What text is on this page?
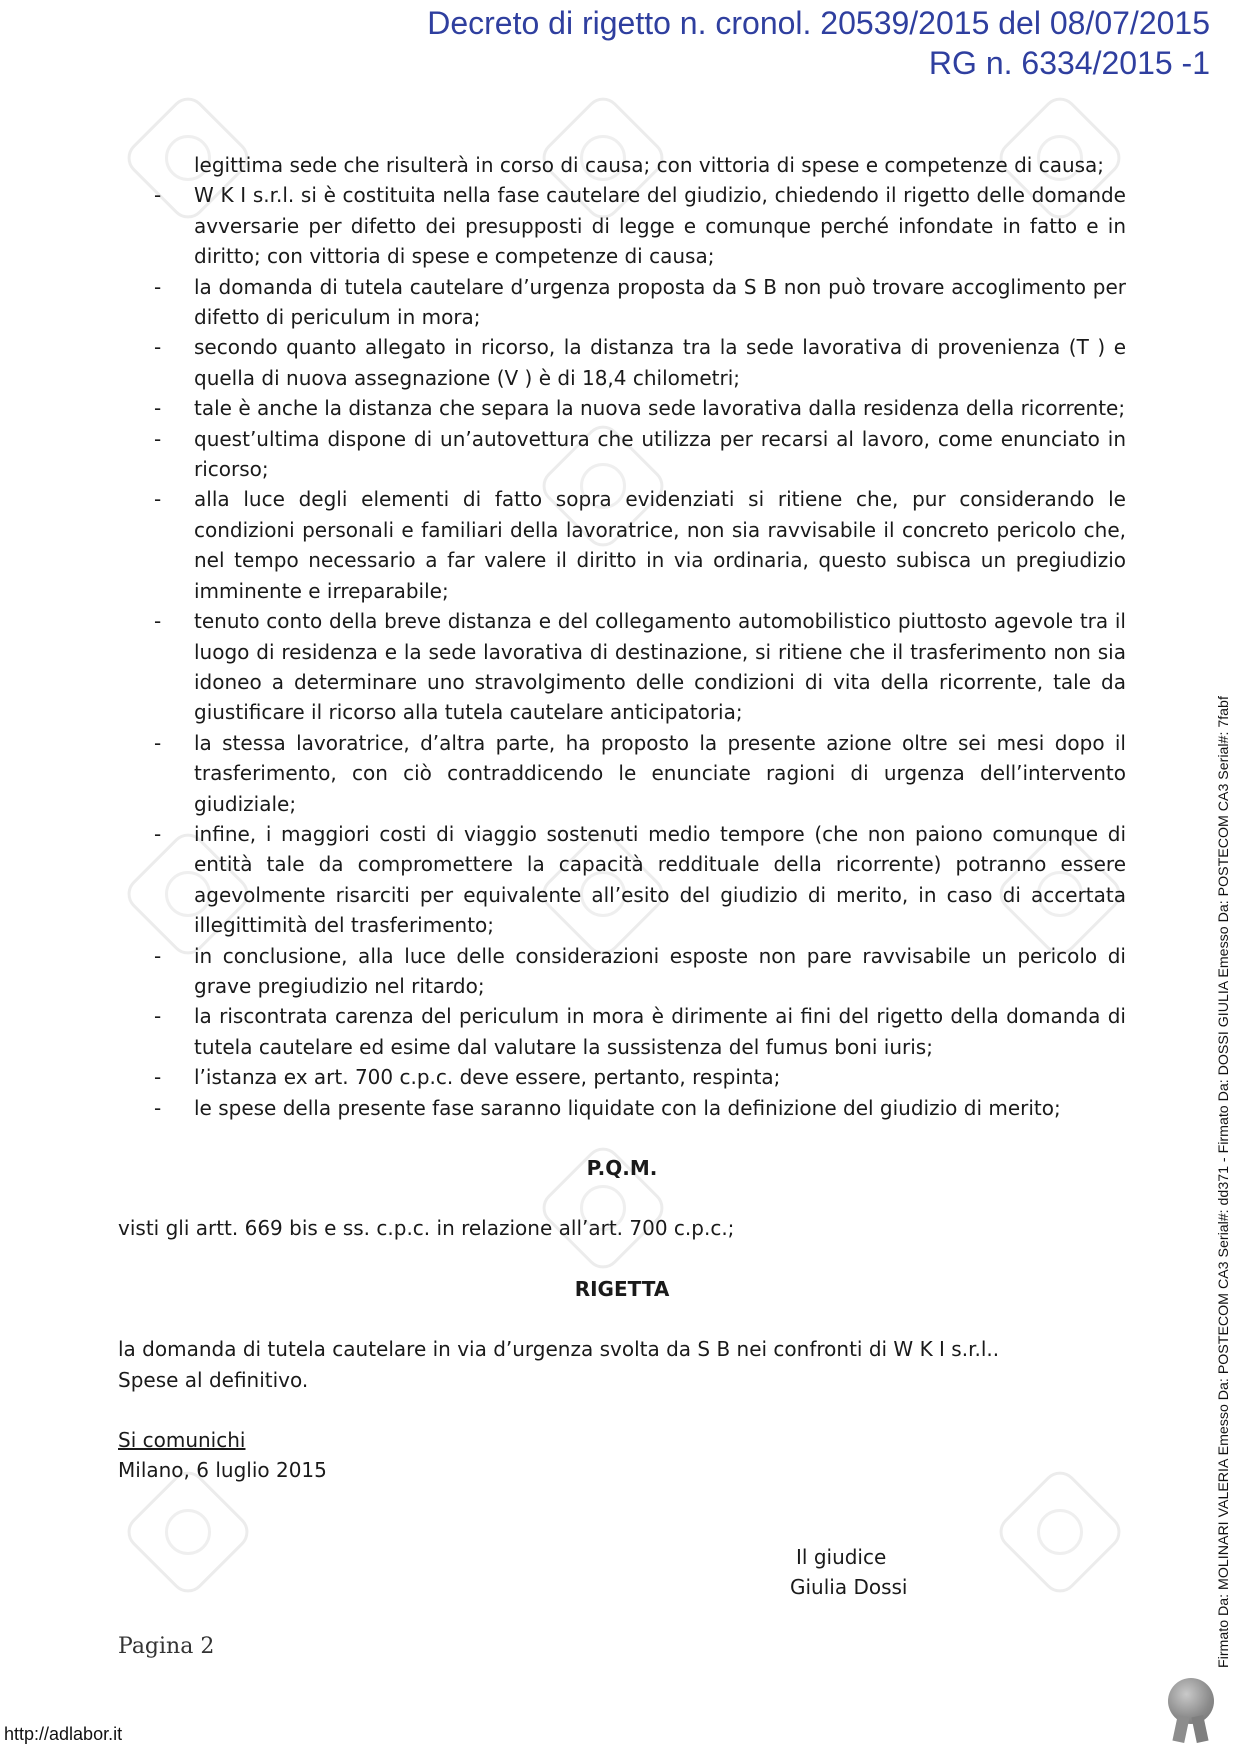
Decreto di rigetto n. cronol. 20539/2015 del 08/07/2015
RG n. 6334/2015 -1

legittima sede che risulterà in corso di causa; con vittoria di spese e competenze di causa;

- W K I s.r.l. si è costituita nella fase cautelare del giudizio, chiedendo il rigetto delle domande avversarie per difetto dei presupposti di legge e comunque perché infondate in fatto e in diritto; con vittoria di spese e competenze di causa;
- la domanda di tutela cautelare d’urgenza proposta da S B non può trovare accoglimento per difetto di periculum in mora;
- secondo quanto allegato in ricorso, la distanza tra la sede lavorativa di provenienza (T ) e quella di nuova assegnazione (V ) è di 18,4 chilometri;
- tale è anche la distanza che separa la nuova sede lavorativa dalla residenza della ricorrente;
- quest’ultima dispone di un’autovettura che utilizza per recarsi al lavoro, come enunciato in ricorso;
- alla luce degli elementi di fatto sopra evidenziati si ritiene che, pur considerando le condizioni personali e familiari della lavoratrice, non sia ravvisabile il concreto pericolo che, nel tempo necessario a far valere il diritto in via ordinaria, questo subisca un pregiudizio imminente e irreparabile;
- tenuto conto della breve distanza e del collegamento automobilistico piuttosto agevole tra il luogo di residenza e la sede lavorativa di destinazione, si ritiene che il trasferimento non sia idoneo a determinare uno stravolgimento delle condizioni di vita della ricorrente, tale da giustificare il ricorso alla tutela cautelare anticipatoria;
- la stessa lavoratrice, d’altra parte, ha proposto la presente azione oltre sei mesi dopo il trasferimento, con ciò contraddicendo le enunciate ragioni di urgenza dell’intervento giudiziale;
- infine, i maggiori costi di viaggio sostenuti medio tempore (che non paiono comunque di entità tale da compromettere la capacità reddituale della ricorrente) potranno essere agevolmente risarciti per equivalente all’esito del giudizio di merito, in caso di accertata illegittimità del trasferimento;
- in conclusione, alla luce delle considerazioni esposte non pare ravvisabile un pericolo di grave pregiudizio nel ritardo;
- la riscontrata carenza del periculum in mora è dirimente ai fini del rigetto della domanda di tutela cautelare ed esime dal valutare la sussistenza del fumus boni iuris;
- l’istanza ex art. 700 c.p.c. deve essere, pertanto, respinta;
- le spese della presente fase saranno liquidate con la definizione del giudizio di merito;

P.Q.M.

visti gli artt. 669 bis e ss. c.p.c. in relazione all’art. 700 c.p.c.;

RIGETTA

la domanda di tutela cautelare in via d’urgenza svolta da S B nei confronti di W K I s.r.l..

Spese al definitivo.

Si comunichi

Milano, 6 luglio 2015

Il giudice
Giulia Dossi
Pagina 2
http://adlabor.it
Firmato Da: MOLINARI VALERIA Emesso Da: POSTECOM CA3 Serial#: dd371 - Firmato Da: DOSSI GIULIA Emesso Da: POSTECOM CA3 Serial#: 7fabf
